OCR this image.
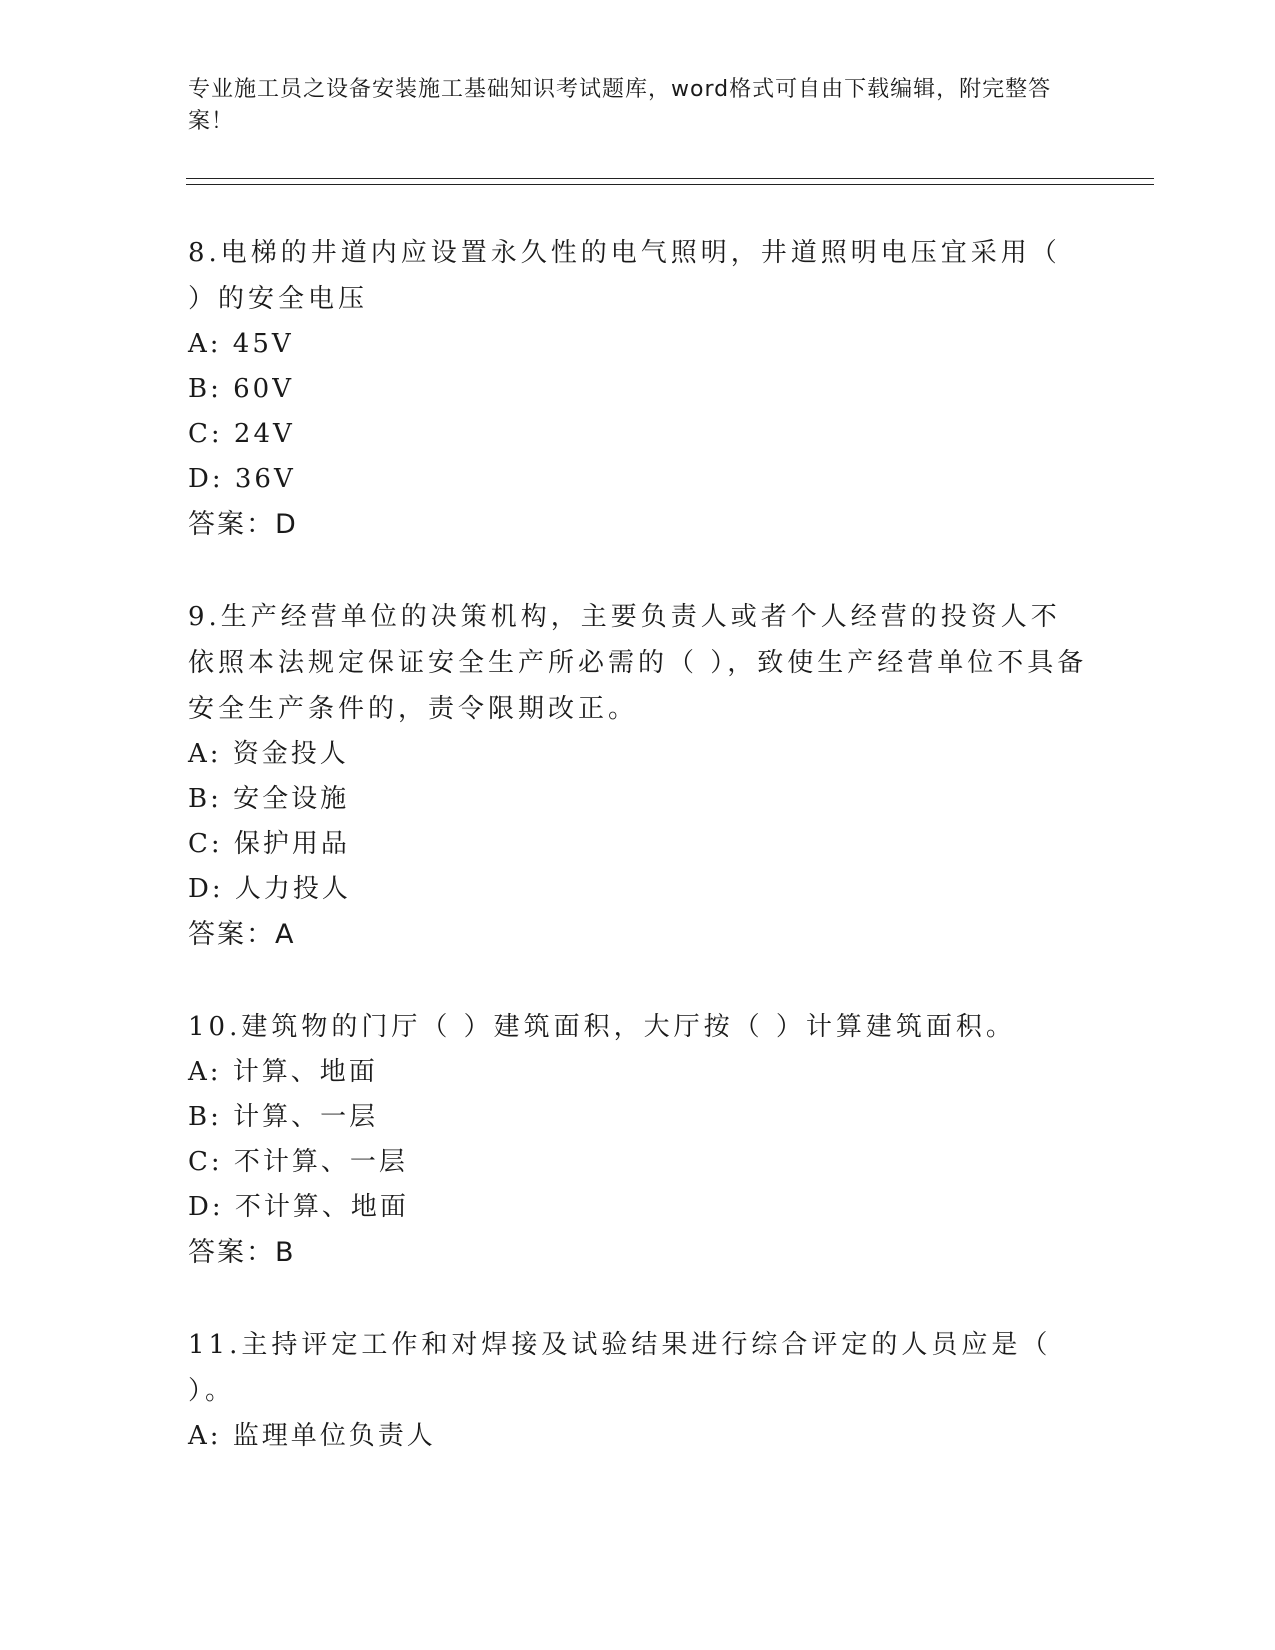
专业施工员之设备安装施工基础知识考试题库，word格式可自由下载编辑，附完整答案！

8.电梯的井道内应设置永久性的电气照明，井道照明电压宜采用（ ）的安全电压

A: 45V

B: 60V

C: 24V

D: 36V

答案：D

9.生产经营单位的决策机构，主要负责人或者个人经营的投资人不依照本法规定保证安全生产所必需的（ ），致使生产经营单位不具备安全生产条件的，责令限期改正。

A: 资金投人

B: 安全设施

C: 保护用品

D: 人力投人

答案：A

10.建筑物的门厅（ ）建筑面积，大厅按（ ）计算建筑面积。

A: 计算、地面

B: 计算、一层

C: 不计算、一层

D: 不计算、地面

答案：B

11.主持评定工作和对焊接及试验结果进行综合评定的人员应是（ ）。

A: 监理单位负责人
